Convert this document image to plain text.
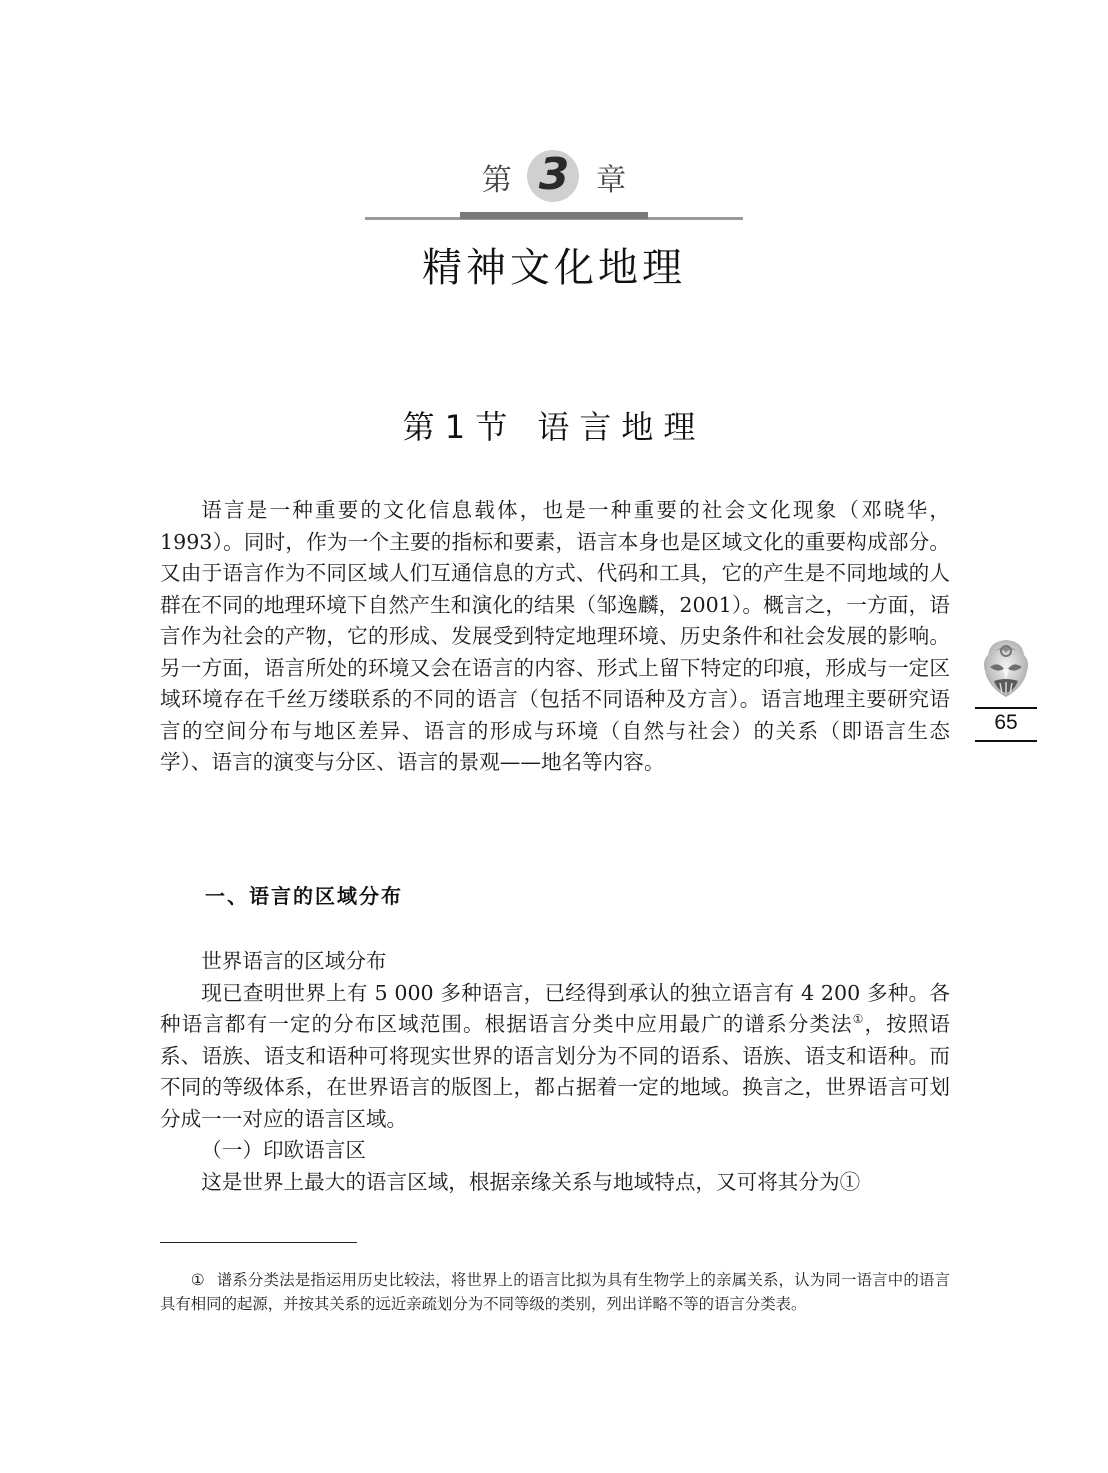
第 3 章
精神文化地理
第 1 节 语言地理

语言是一种重要的文化信息载体，也是一种重要的社会文化现象（邓晓华，1993）。同时，作为一个主要的指标和要素，语言本身也是区域文化的重要构成部分。又由于语言作为不同区域人们互通信息的方式、代码和工具，它的产生是不同地域的人群在不同的地理环境下自然产生和演化的结果（邹逸麟，2001）。概言之，一方面，语言作为社会的产物，它的形成、发展受到特定地理环境、历史条件和社会发展的影响。另一方面，语言所处的环境又会在语言的内容、形式上留下特定的印痕，形成与一定区域环境存在千丝万缕联系的不同的语言（包括不同语种及方言）。语言地理主要研究语言的空间分布与地区差异、语言的形成与环境（自然与社会）的关系（即语言生态学）、语言的演变与分区、语言的景观——地名等内容。

一、语言的区域分布

世界语言的区域分布

现已查明世界上有 5 000 多种语言，已经得到承认的独立语言有 4 200 多种。各种语言都有一定的分布区域范围。根据语言分类中应用最广的谱系分类法①，按照语系、语族、语支和语种可将现实世界的语言划分为不同的语系、语族、语支和语种。而不同的等级体系，在世界语言的版图上，都占据着一定的地域。换言之，世界语言可划分成一一对应的语言区域。

（一）印欧语言区

这是世界上最大的语言区域，根据亲缘关系与地域特点，又可将其分为①

① 谱系分类法是指运用历史比较法，将世界上的语言比拟为具有生物学上的亲属关系，认为同一语言中的语言具有相同的起源，并按其关系的远近亲疏划分为不同等级的类别，列出详略不等的语言分类表。

65
